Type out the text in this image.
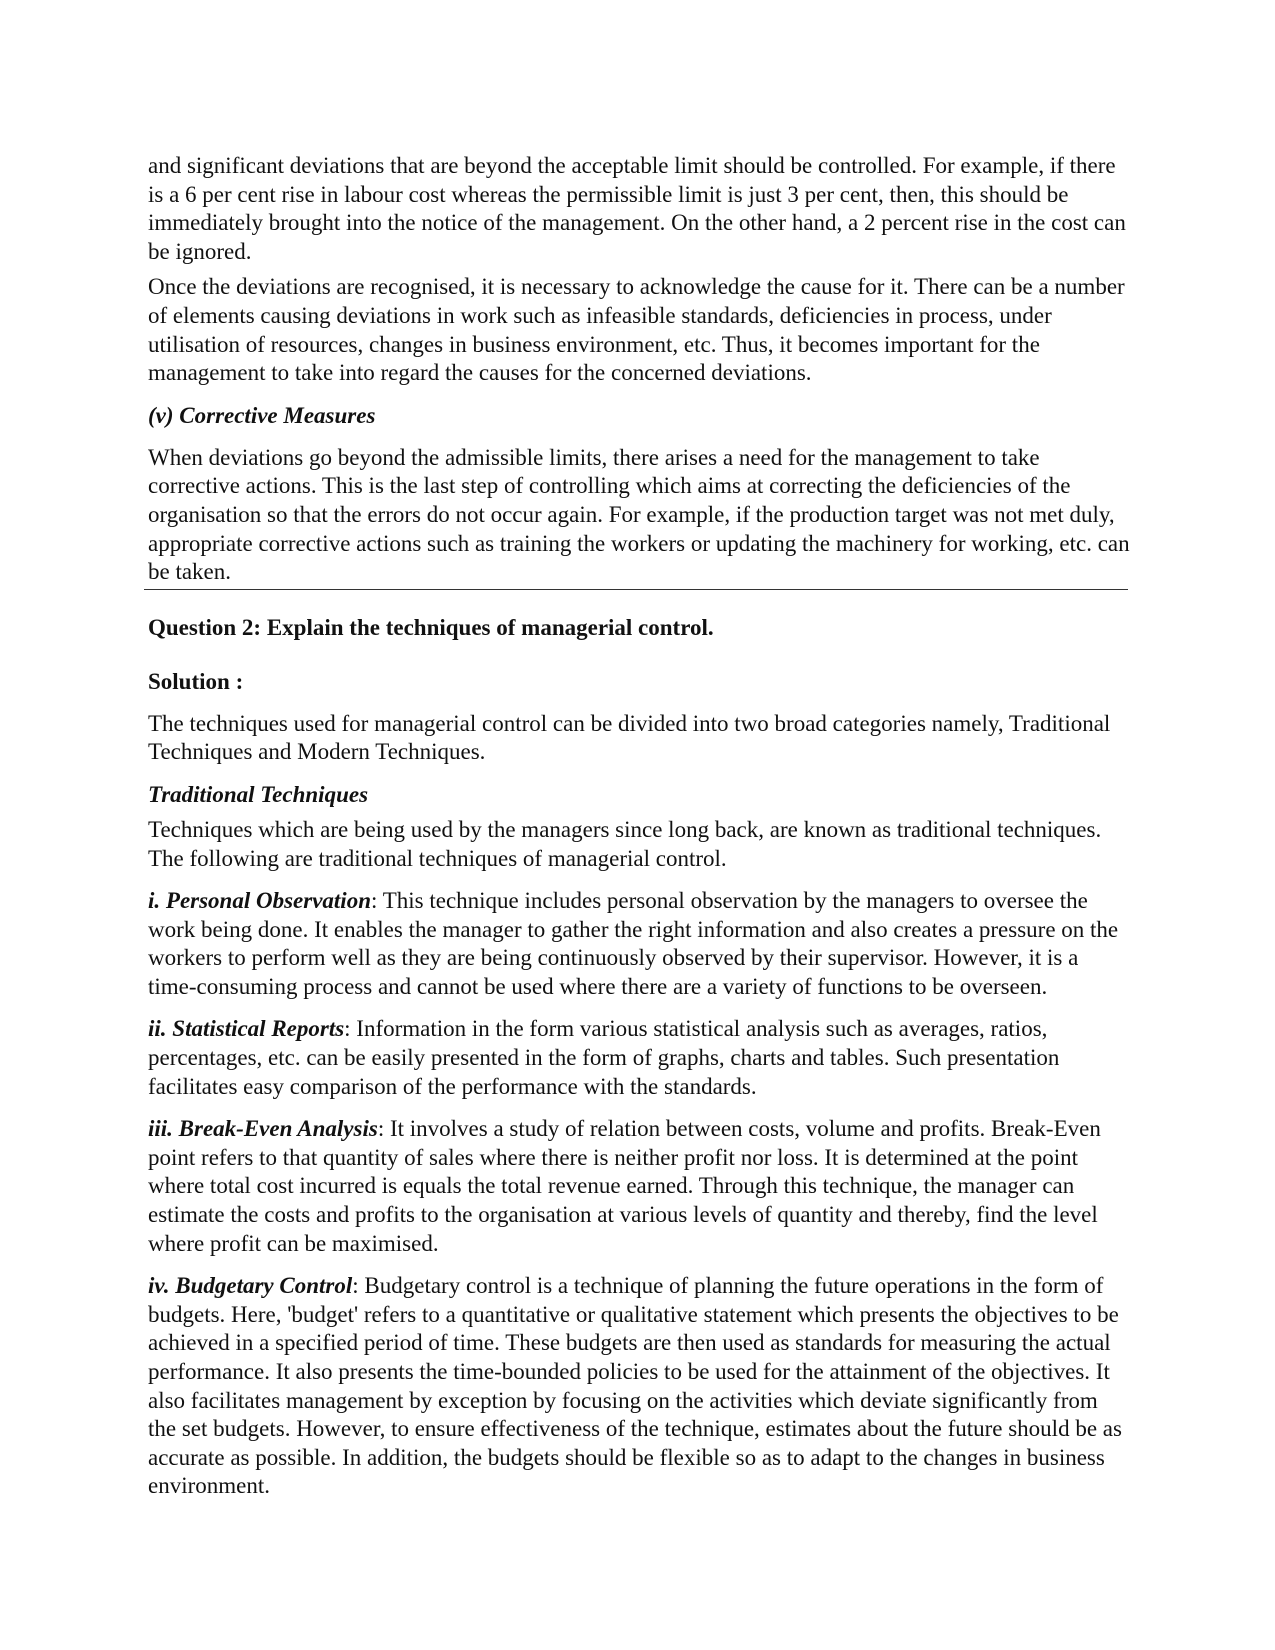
and significant deviations that are beyond the acceptable limit should be controlled. For example, if there is a 6 per cent rise in labour cost whereas the permissible limit is just 3 per cent, then, this should be immediately brought into the notice of the management. On the other hand, a 2 percent rise in the cost can be ignored.

Once the deviations are recognised, it is necessary to acknowledge the cause for it. There can be a number of elements causing deviations in work such as infeasible standards, deficiencies in process, under utilisation of resources, changes in business environment, etc. Thus, it becomes important for the management to take into regard the causes for the concerned deviations.

(v) Corrective Measures

When deviations go beyond the admissible limits, there arises a need for the management to take corrective actions. This is the last step of controlling which aims at correcting the deficiencies of the organisation so that the errors do not occur again. For example, if the production target was not met duly, appropriate corrective actions such as training the workers or updating the machinery for working, etc. can be taken.

Question 2: Explain the techniques of managerial control.

Solution :

The techniques used for managerial control can be divided into two broad categories namely, Traditional Techniques and Modern Techniques.

Traditional Techniques

Techniques which are being used by the managers since long back, are known as traditional techniques. The following are traditional techniques of managerial control.

i. Personal Observation: This technique includes personal observation by the managers to oversee the work being done. It enables the manager to gather the right information and also creates a pressure on the workers to perform well as they are being continuously observed by their supervisor. However, it is a time-consuming process and cannot be used where there are a variety of functions to be overseen.

ii. Statistical Reports: Information in the form various statistical analysis such as averages, ratios, percentages, etc. can be easily presented in the form of graphs, charts and tables. Such presentation facilitates easy comparison of the performance with the standards.

iii. Break-Even Analysis: It involves a study of relation between costs, volume and profits. Break-Even point refers to that quantity of sales where there is neither profit nor loss. It is determined at the point where total cost incurred is equals the total revenue earned. Through this technique, the manager can estimate the costs and profits to the organisation at various levels of quantity and thereby, find the level where profit can be maximised.

iv. Budgetary Control: Budgetary control is a technique of planning the future operations in the form of budgets. Here, 'budget' refers to a quantitative or qualitative statement which presents the objectives to be achieved in a specified period of time. These budgets are then used as standards for measuring the actual performance. It also presents the time-bounded policies to be used for the attainment of the objectives. It also facilitates management by exception by focusing on the activities which deviate significantly from the set budgets. However, to ensure effectiveness of the technique, estimates about the future should be as accurate as possible. In addition, the budgets should be flexible so as to adapt to the changes in business environment.
